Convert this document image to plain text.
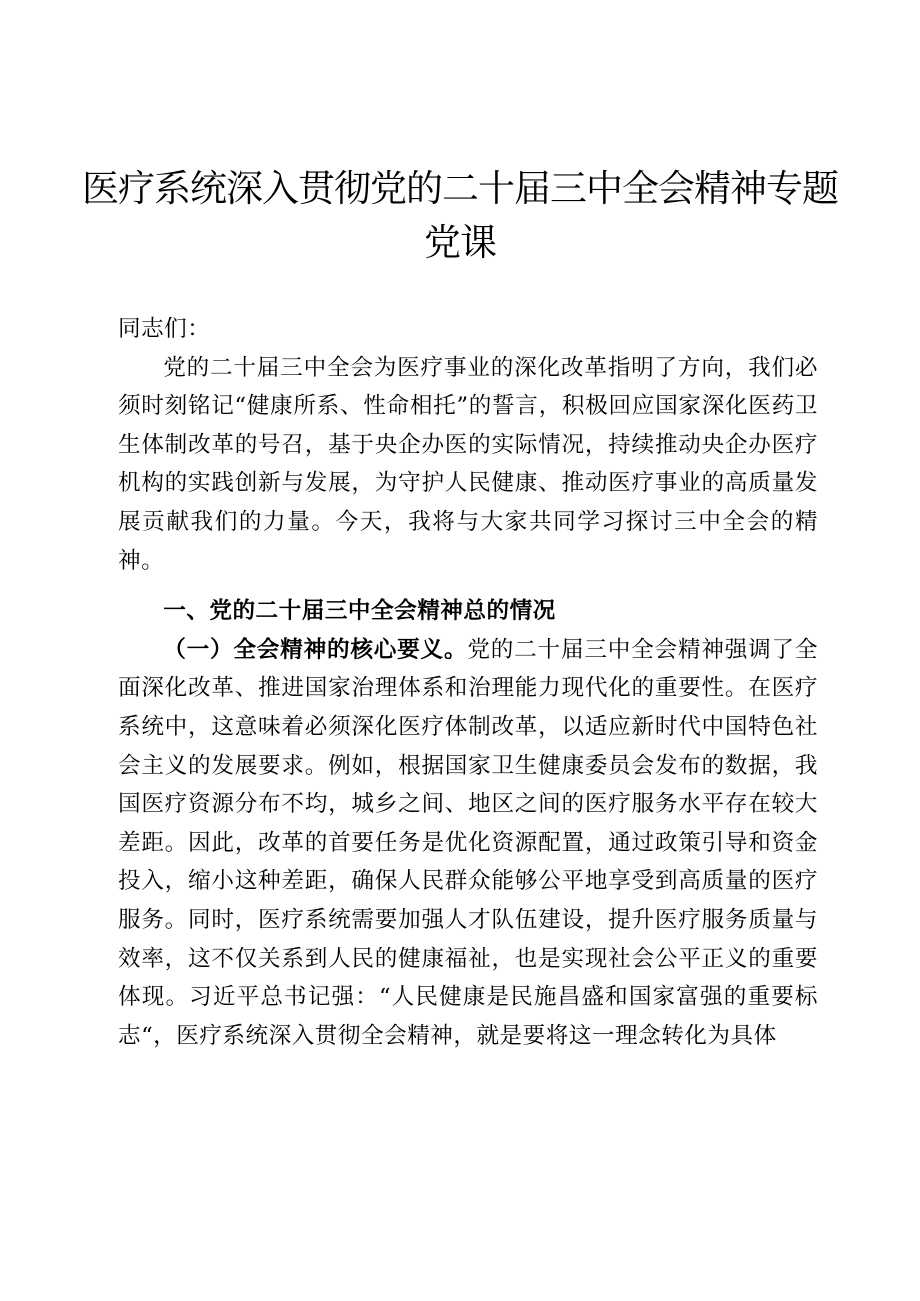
医疗系统深入贯彻党的二十届三中全会精神专题党课

同志们：

党的二十届三中全会为医疗事业的深化改革指明了方向，我们必须时刻铭记“健康所系、性命相托”的誓言，积极回应国家深化医药卫生体制改革的号召，基于央企办医的实际情况，持续推动央企办医疗机构的实践创新与发展，为守护人民健康、推动医疗事业的高质量发展贡献我们的力量。今天，我将与大家共同学习探讨三中全会的精神。

一、党的二十届三中全会精神总的情况

（一）全会精神的核心要义。党的二十届三中全会精神强调了全面深化改革、推进国家治理体系和治理能力现代化的重要性。在医疗系统中，这意味着必须深化医疗体制改革，以适应新时代中国特色社会主义的发展要求。例如，根据国家卫生健康委员会发布的数据，我国医疗资源分布不均，城乡之间、地区之间的医疗服务水平存在较大差距。因此，改革的首要任务是优化资源配置，通过政策引导和资金投入，缩小这种差距，确保人民群众能够公平地享受到高质量的医疗服务。同时，医疗系统需要加强人才队伍建设，提升医疗服务质量与效率，这不仅关系到人民的健康福祉，也是实现社会公平正义的重要体现。习近平总书记强：“人民健康是民施昌盛和国家富强的重要标志“，医疗系统深入贯彻全会精神，就是要将这一理念转化为具体
